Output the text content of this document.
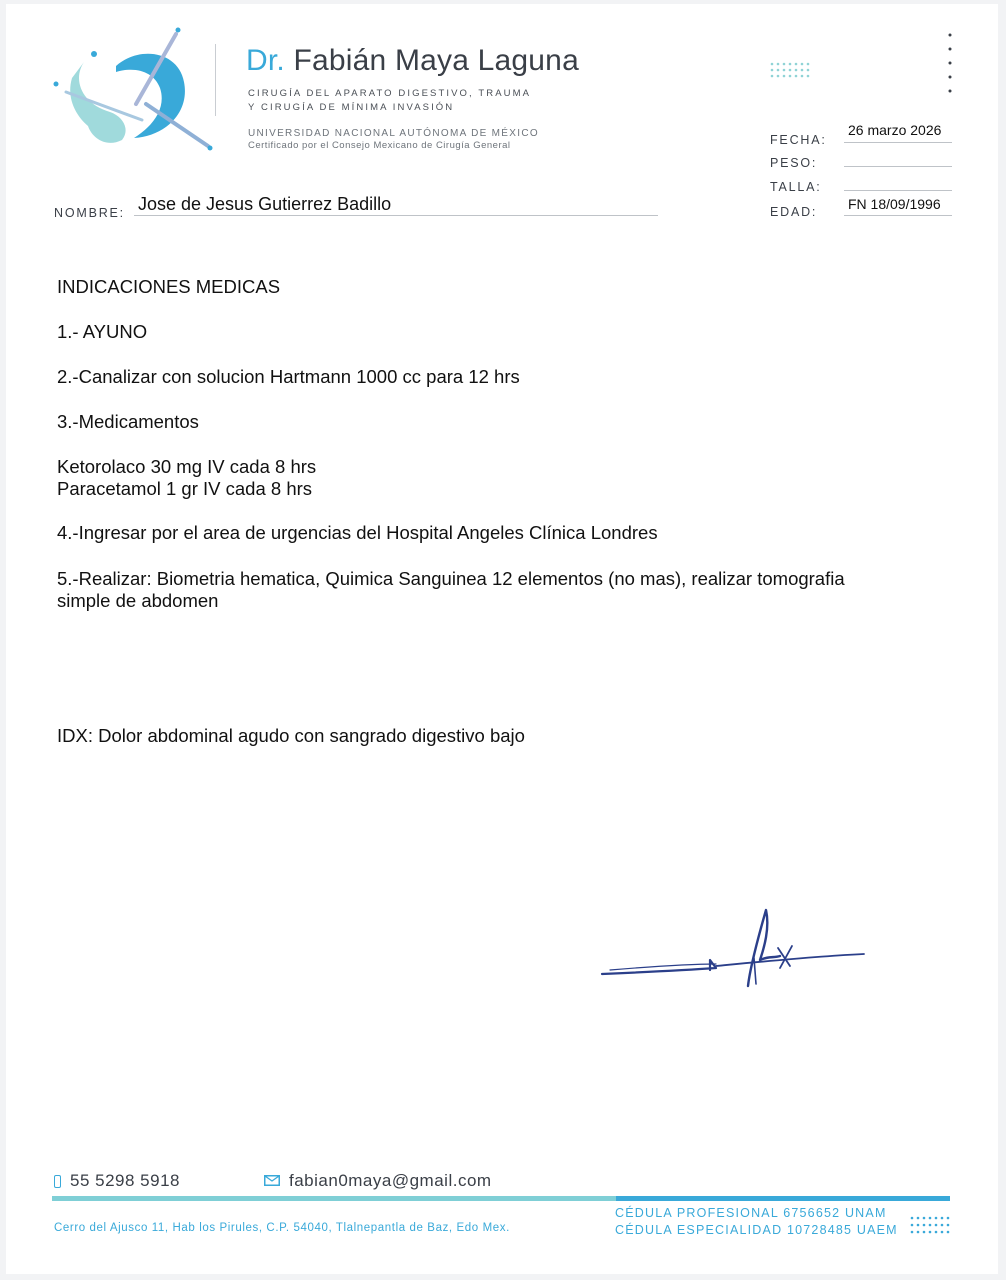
Dr. Fabián Maya Laguna
CIRUGÍA DEL APARATO DIGESTIVO, TRAUMA
Y CIRUGÍA DE MÍNIMA INVASIÓN
UNIVERSIDAD NACIONAL AUTÓNOMA DE MÉXICO
Certificado por el Consejo Mexicano de Cirugía General	FECHA:
26 marzo 2026
PESO:
TALLA:
EDAD: FN 18/09/1996
NOMBRE: Jose de Jesus Gutierrez Badillo
INDICACIONES MEDICAS
1.- AYUNO
2.-Canalizar con solucion Hartmann 1000 cc para 12 hrs
3.-Medicamentos
Ketorolaco 30 mg IV cada 8 hrs
Paracetamol 1 gr IV cada 8 hrs
4.-Ingresar por el area de urgencias del Hospital Angeles Clínica Londres
5.-Realizar: Biometria hematica, Quimica Sanguinea 12 elementos (no mas), realizar tomografia
simple de abdomen
IDX: Dolor abdominal agudo con sangrado digestivo bajo
55 5298 5918	fabian0maya@gmail.com
Cerro del Ajusco 11, Hab los Pirules, C.P. 54040, Tlalnepantla de Baz, Edo Mex.
CÉDULA PROFESIONAL 6756652 UNAM
CÉDULA ESPECIALIDAD 10728485 UAEM
